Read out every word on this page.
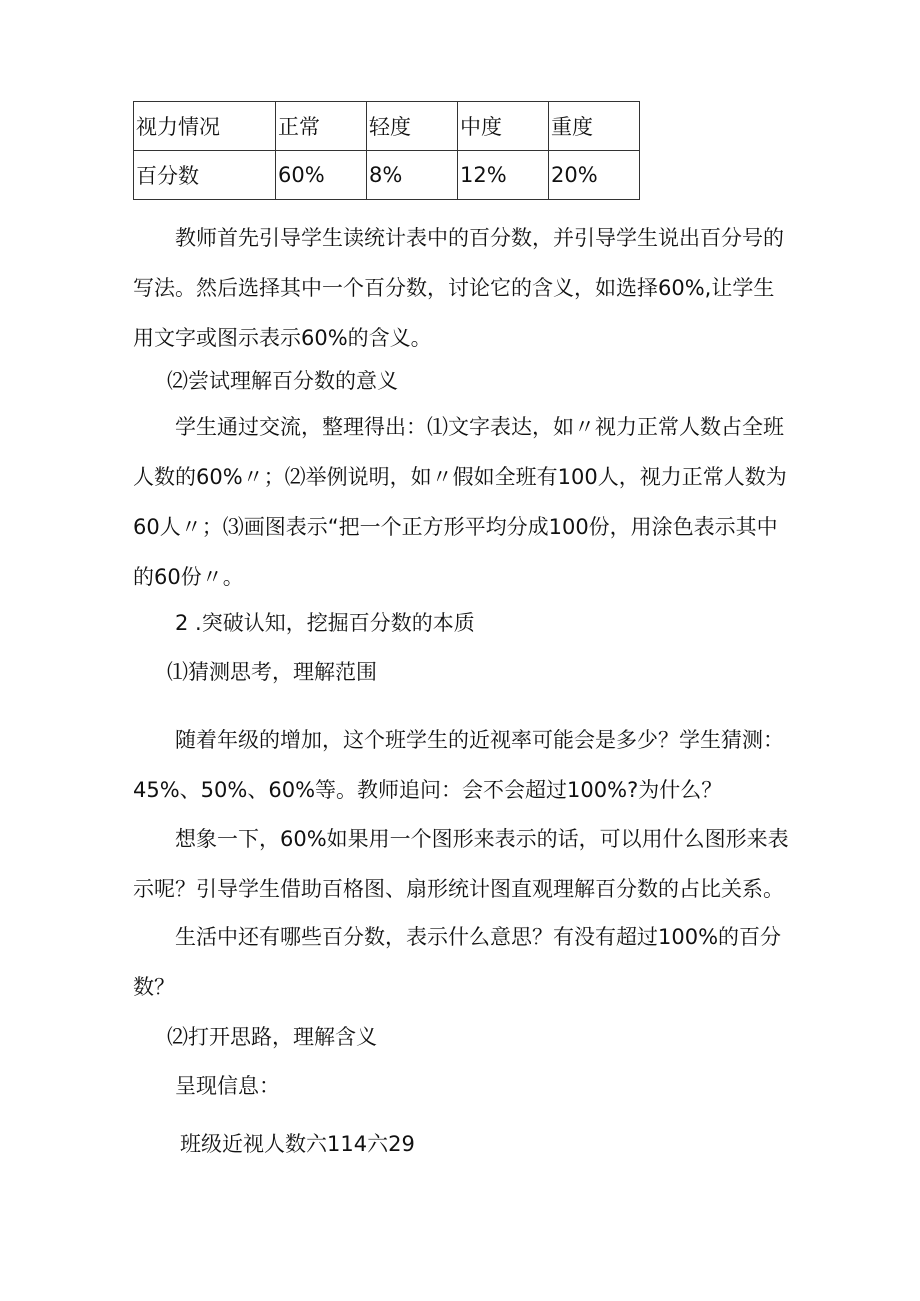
视力情况	正常	轻度	中度	重度
百分数	60%	8%	12%	20%

教师首先引导学生读统计表中的百分数，并引导学生说出百分号的写法。然后选择其中一个百分数，讨论它的含义，如选择60%,让学生用文字或图示表示60%的含义。

⑵尝试理解百分数的意义

学生通过交流，整理得出：⑴文字表达，如〃视力正常人数占全班人数的60%〃；⑵举例说明，如〃假如全班有100人，视力正常人数为60人〃；⑶画图表示“把一个正方形平均分成100份，用涂色表示其中的60份〃。

2 .突破认知，挖掘百分数的本质

⑴猜测思考，理解范围

随着年级的增加，这个班学生的近视率可能会是多少？学生猜测：45%、50%、60%等。教师追问：会不会超过100%?为什么？

想象一下，60%如果用一个图形来表示的话，可以用什么图形来表示呢？引导学生借助百格图、扇形统计图直观理解百分数的占比关系。

生活中还有哪些百分数，表示什么意思？有没有超过100%的百分数？

⑵打开思路，理解含义

呈现信息：

班级近视人数六114六29
